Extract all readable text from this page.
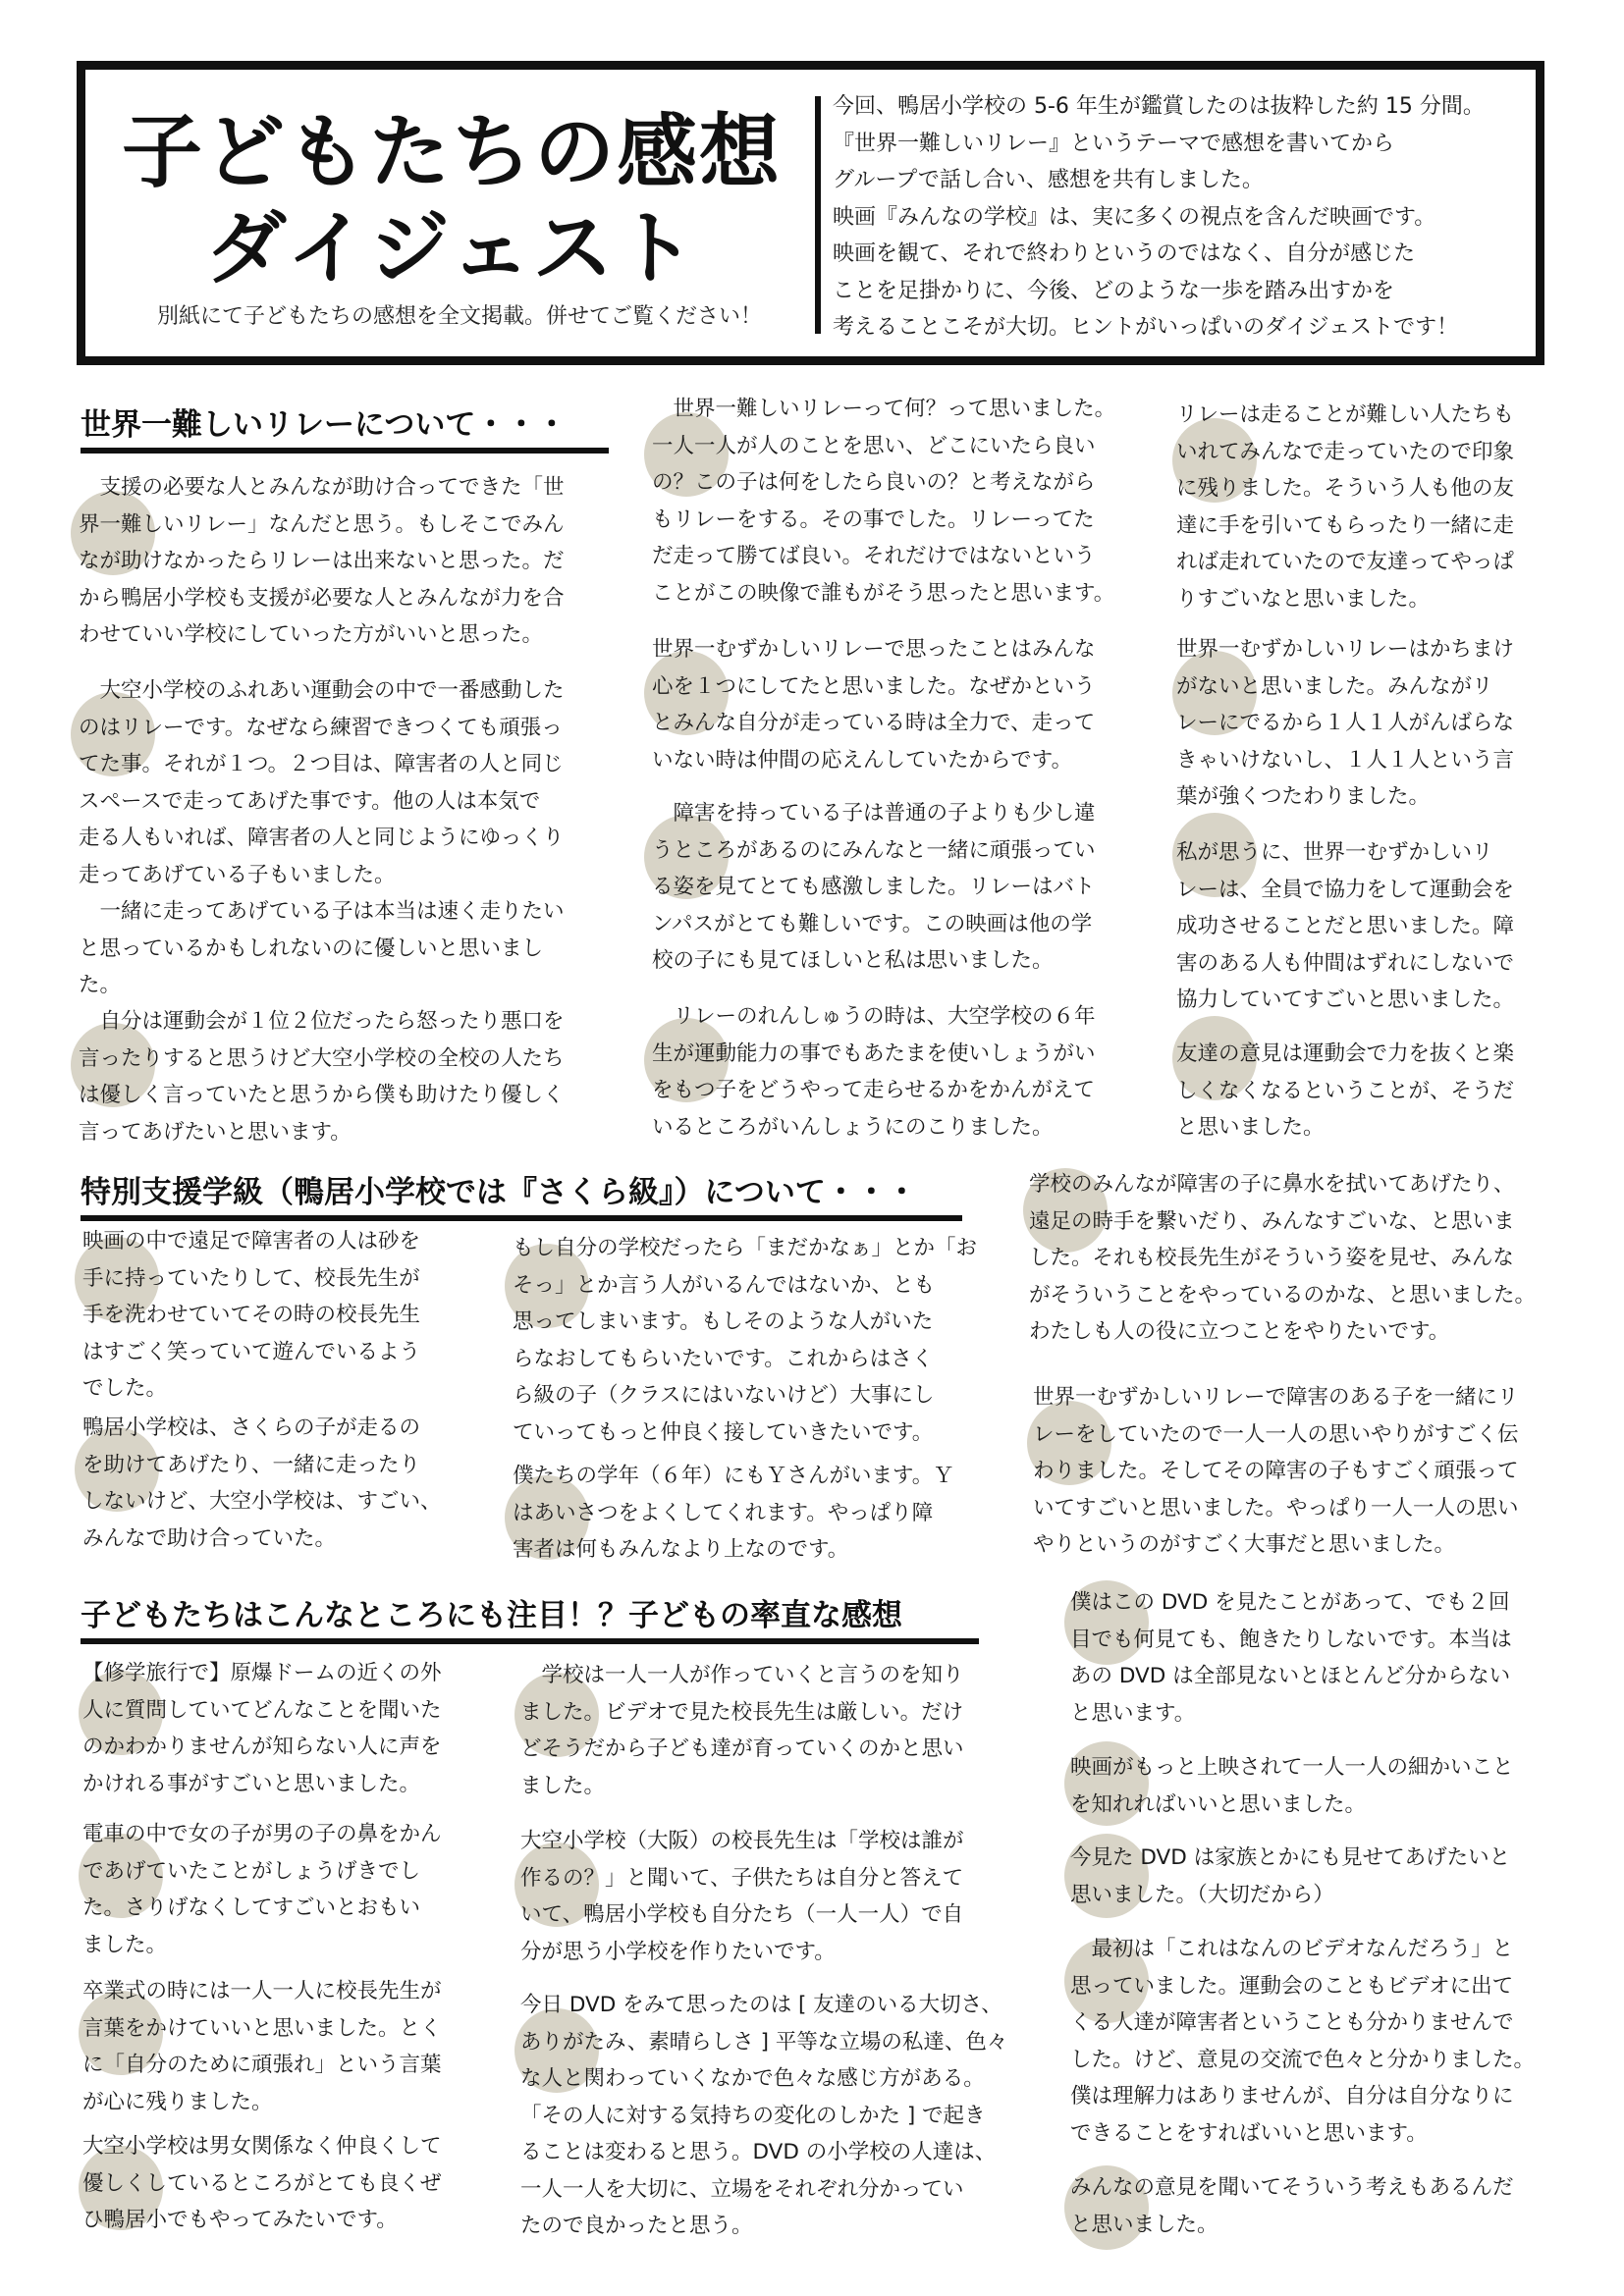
子どもたちの感想
ダイジェスト
別紙にて子どもたちの感想を全文掲載。併せてご覧ください！
今回、鴨居小学校の 5-6 年生が鑑賞したのは抜粋した約 15 分間。
『世界一難しいリレー』というテーマで感想を書いてから
グループで話し合い、感想を共有しました。
映画『みんなの学校』は、実に多くの視点を含んだ映画です。
映画を観て、それで終わりというのではなく、自分が感じた
ことを足掛かりに、今後、どのような一歩を踏み出すかを
考えることこそが大切。ヒントがいっぱいのダイジェストです！
世界一難しいリレーについて・・・
特別支援学級（鴨居小学校では『さくら級』）について・・・
子どもたちはこんなところにも注目！？子どもの率直な感想
　支援の必要な人とみんなが助け合ってできた「世
界一難しいリレー」なんだと思う。もしそこでみん
なが助けなかったらリレーは出来ないと思った。だ
から鴨居小学校も支援が必要な人とみんなが力を合
わせていい学校にしていった方がいいと思った。
　大空小学校のふれあい運動会の中で一番感動した
のはリレーです。なぜなら練習できつくても頑張っ
てた事。それが１つ。２つ目は、障害者の人と同じ
スペースで走ってあげた事です。他の人は本気で
走る人もいれば、障害者の人と同じようにゆっくり
走ってあげている子もいました。
　一緒に走ってあげている子は本当は速く走りたい
と思っているかもしれないのに優しいと思いまし
た。
　自分は運動会が１位２位だったら怒ったり悪口を
言ったりすると思うけど大空小学校の全校の人たち
は優しく言っていたと思うから僕も助けたり優しく
言ってあげたいと思います。
　世界一難しいリレーって何？って思いました。
一人一人が人のことを思い、どこにいたら良い
の？この子は何をしたら良いの？と考えながら
もリレーをする。その事でした。リレーってた
だ走って勝てば良い。それだけではないという
ことがこの映像で誰もがそう思ったと思います。
世界一むずかしいリレーで思ったことはみんな
心を１つにしてたと思いました。なぜかという
とみんな自分が走っている時は全力で、走って
いない時は仲間の応えんしていたからです。
　障害を持っている子は普通の子よりも少し違
うところがあるのにみんなと一緒に頑張ってい
る姿を見てとても感激しました。リレーはバト
ンパスがとても難しいです。この映画は他の学
校の子にも見てほしいと私は思いました。
　リレーのれんしゅうの時は、大空学校の６年
生が運動能力の事でもあたまを使いしょうがい
をもつ子をどうやって走らせるかをかんがえて
いるところがいんしょうにのこりました。
リレーは走ることが難しい人たちも
いれてみんなで走っていたので印象
に残りました。そういう人も他の友
達に手を引いてもらったり一緒に走
れば走れていたので友達ってやっぱ
りすごいなと思いました。
世界一むずかしいリレーはかちまけ
がないと思いました。みんながリ
レーにでるから１人１人がんばらな
きゃいけないし、１人１人という言
葉が強くつたわりました。
私が思うに、世界一むずかしいリ
レーは、全員で協力をして運動会を
成功させることだと思いました。障
害のある人も仲間はずれにしないで
協力していてすごいと思いました。
友達の意見は運動会で力を抜くと楽
しくなくなるということが、そうだ
と思いました。
映画の中で遠足で障害者の人は砂を
手に持っていたりして、校長先生が
手を洗わせていてその時の校長先生
はすごく笑っていて遊んでいるよう
でした。
鴨居小学校は、さくらの子が走るの
を助けてあげたり、一緒に走ったり
しないけど、大空小学校は、すごい、
みんなで助け合っていた。
もし自分の学校だったら「まだかなぁ」とか「お
そっ」とか言う人がいるんではないか、とも
思ってしまいます。もしそのような人がいた
らなおしてもらいたいです。これからはさく
ら級の子（クラスにはいないけど）大事にし
ていってもっと仲良く接していきたいです。
僕たちの学年（６年）にもＹさんがいます。Ｙ
はあいさつをよくしてくれます。やっぱり障
害者は何もみんなより上なのです。
学校のみんなが障害の子に鼻水を拭いてあげたり、
遠足の時手を繋いだり、みんなすごいな、と思いま
した。それも校長先生がそういう姿を見せ、みんな
がそういうことをやっているのかな、と思いました。
わたしも人の役に立つことをやりたいです。
世界一むずかしいリレーで障害のある子を一緒にリ
レーをしていたので一人一人の思いやりがすごく伝
わりました。そしてその障害の子もすごく頑張って
いてすごいと思いました。やっぱり一人一人の思い
やりというのがすごく大事だと思いました。
【修学旅行で】原爆ドームの近くの外
人に質問していてどんなことを聞いた
のかわかりませんが知らない人に声を
かけれる事がすごいと思いました。
電車の中で女の子が男の子の鼻をかん
であげていたことがしょうげきでし
た。さりげなくしてすごいとおもい
ました。
卒業式の時には一人一人に校長先生が
言葉をかけていいと思いました。とく
に「自分のために頑張れ」という言葉
が心に残りました。
大空小学校は男女関係なく仲良くして
優しくしているところがとても良くぜ
ひ鴨居小でもやってみたいです。
　学校は一人一人が作っていくと言うのを知り
ました。ビデオで見た校長先生は厳しい。だけ
どそうだから子ども達が育っていくのかと思い
ました。
大空小学校（大阪）の校長先生は「学校は誰が
作るの？」と聞いて、子供たちは自分と答えて
いて、鴨居小学校も自分たち（一人一人）で自
分が思う小学校を作りたいです。
今日 DVD をみて思ったのは [ 友達のいる大切さ、
ありがたみ、素晴らしさ ] 平等な立場の私達、色々
な人と関わっていくなかで色々な感じ方がある。
「その人に対する気持ちの変化のしかた ] で起き
ることは変わると思う。DVD の小学校の人達は、
一人一人を大切に、立場をそれぞれ分かってい
たので良かったと思う。
僕はこの DVD を見たことがあって、でも２回
目でも何見ても、飽きたりしないです。本当は
あの DVD は全部見ないとほとんど分からない
と思います。
映画がもっと上映されて一人一人の細かいこと
を知れればいいと思いました。
今見た DVD は家族とかにも見せてあげたいと
思いました。（大切だから）
　最初は「これはなんのビデオなんだろう」と
思っていました。運動会のこともビデオに出て
くる人達が障害者ということも分かりませんで
した。けど、意見の交流で色々と分かりました。
僕は理解力はありませんが、自分は自分なりに
できることをすればいいと思います。
みんなの意見を聞いてそういう考えもあるんだ
と思いました。
